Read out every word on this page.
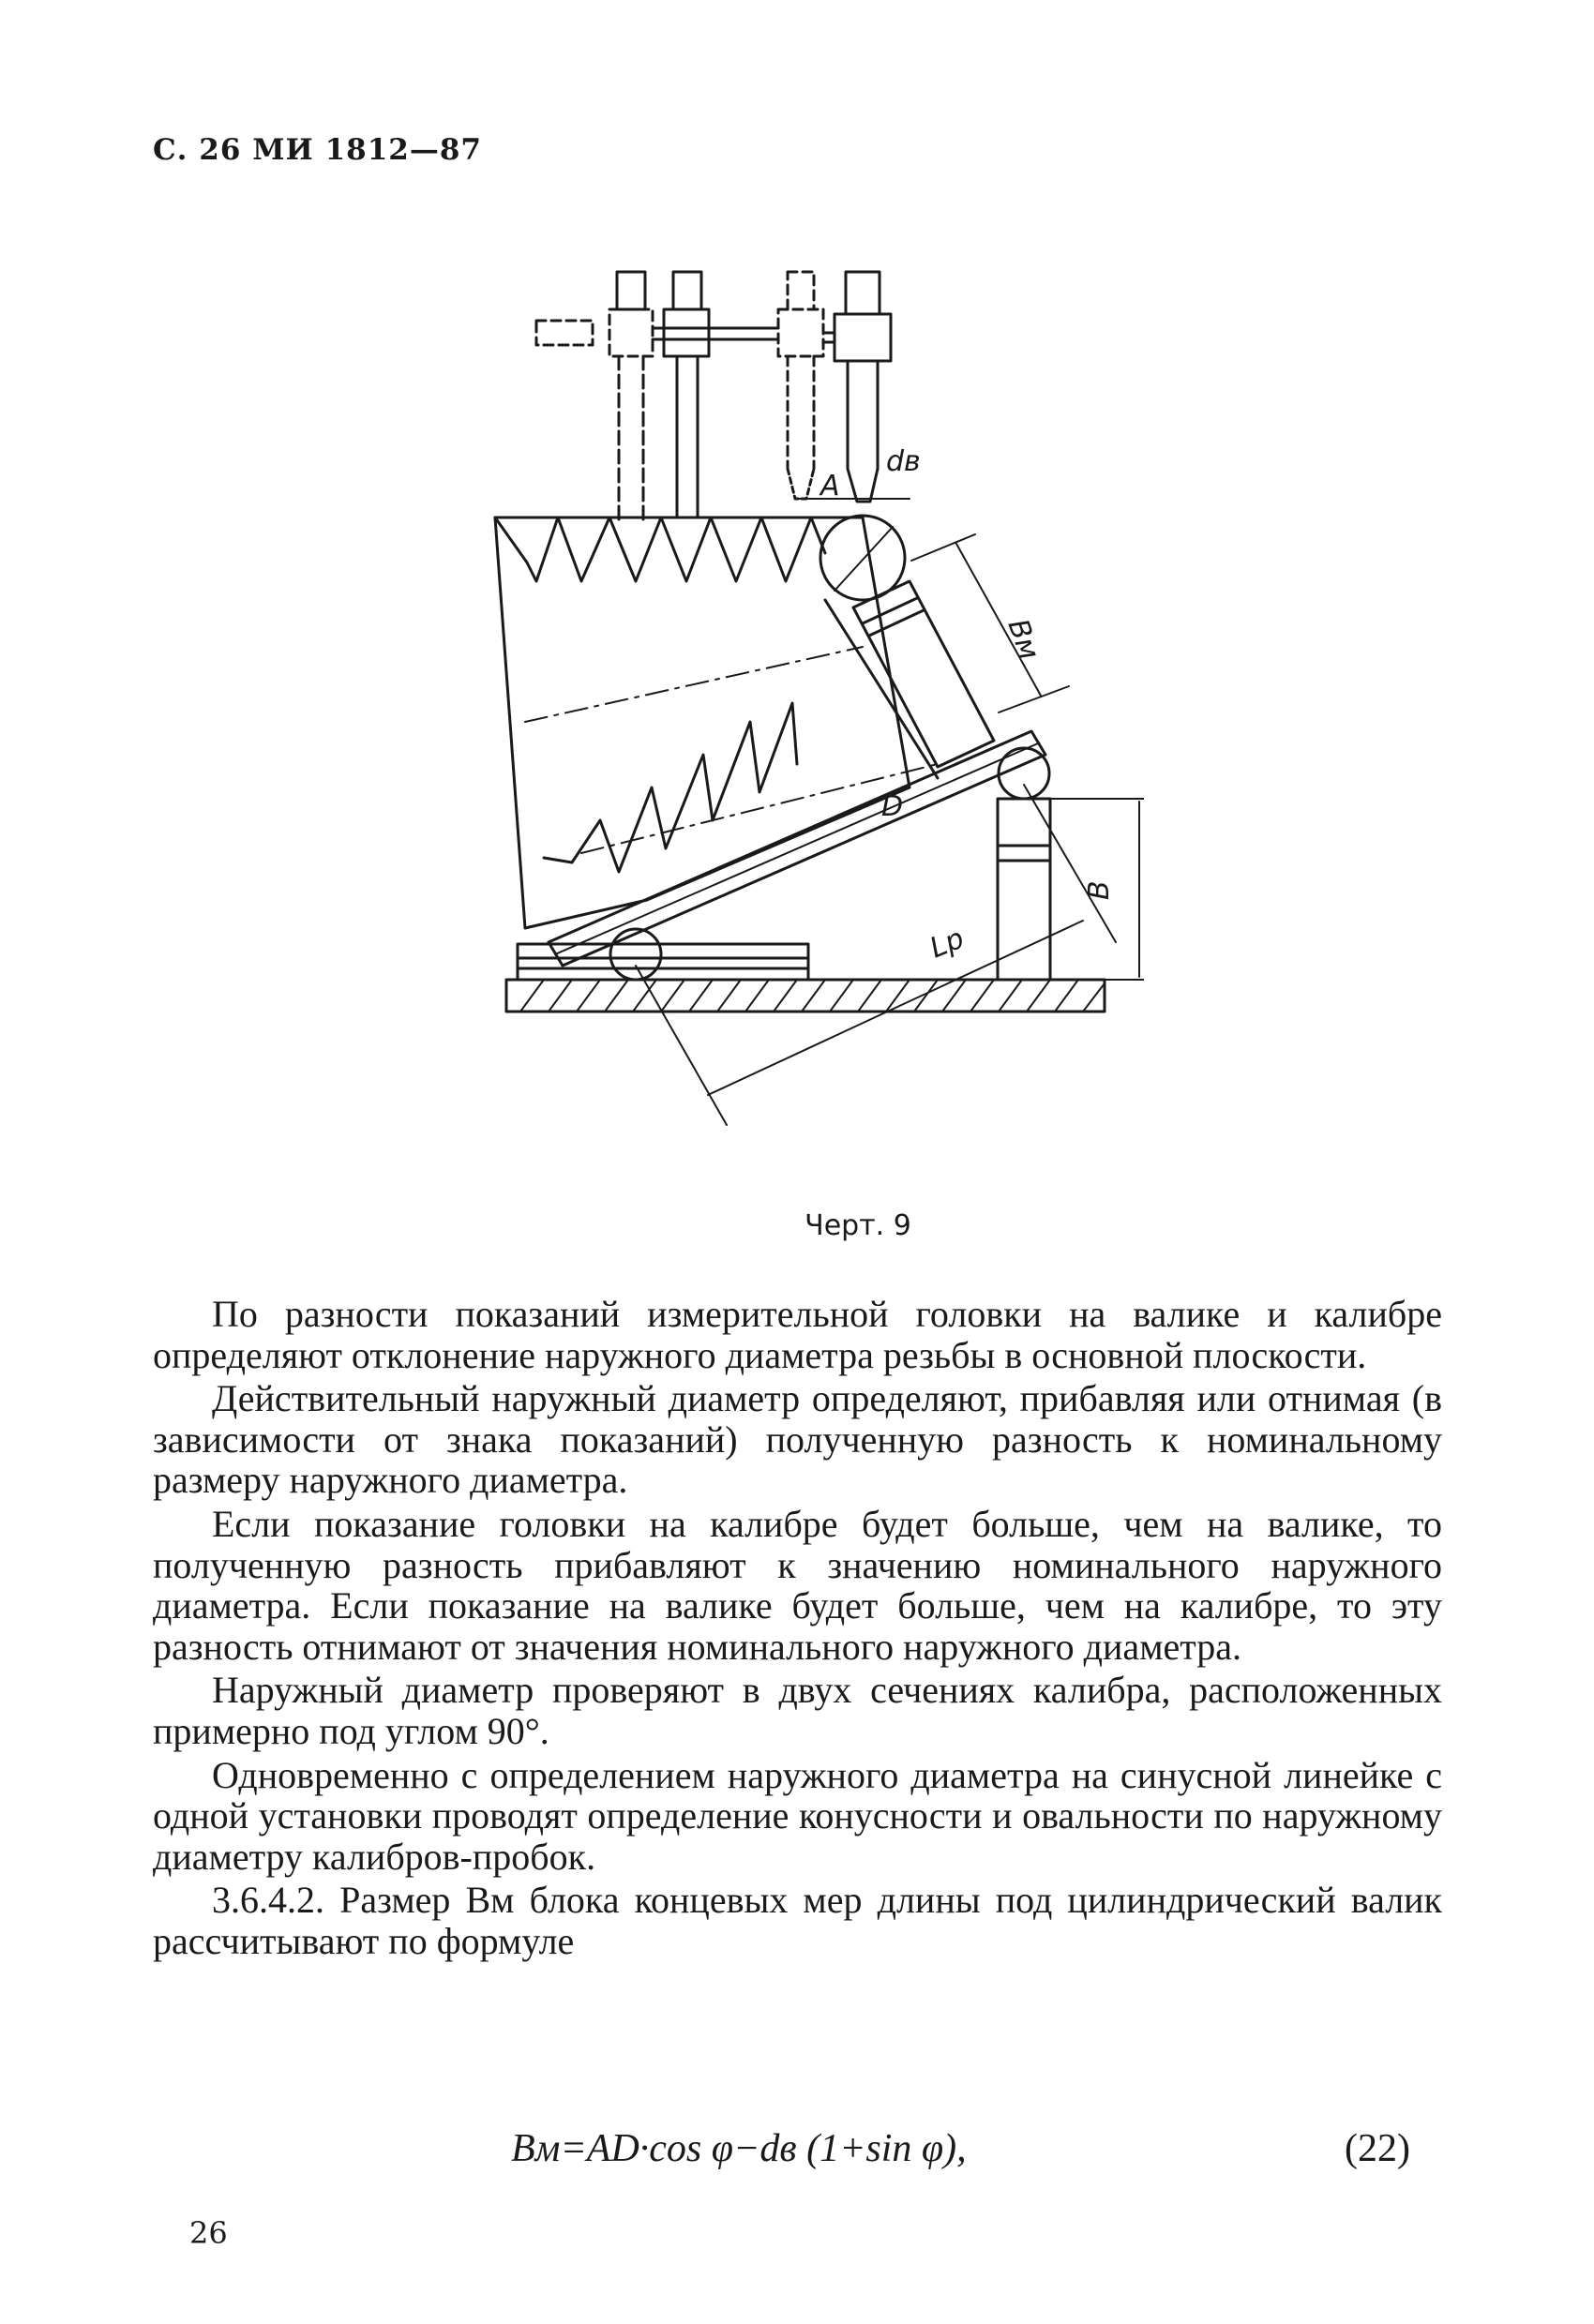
С. 26 МИ 1812—87
dв
A
Bм
D
B
Lp
Черт. 9

По разности показаний измерительной головки на валике и калибре определяют отклонение наружного диаметра резьбы в основной плоскости.

Действительный наружный диаметр определяют, прибавляя или отнимая (в зависимости от знака показаний) полученную разность к номинальному размеру наружного диаметра.

Если показание головки на калибре будет больше, чем на валике, то полученную разность прибавляют к значению номинального наружного диаметра. Если показание на валике будет больше, чем на калибре, то эту разность отнимают от значения номинального наружного диаметра.

Наружный диаметр проверяют в двух сечениях калибра, расположенных примерно под углом 90°.

Одновременно с определением наружного диаметра на синусной линейке с одной установки проводят определение конусности и овальности по наружному диаметру калибров-пробок.

3.6.4.2. Размер Bм блока концевых мер длины под цилиндрический валик рассчитывают по формуле

Bм=AD·cos φ−dв (1+sin φ),	(22)
26
